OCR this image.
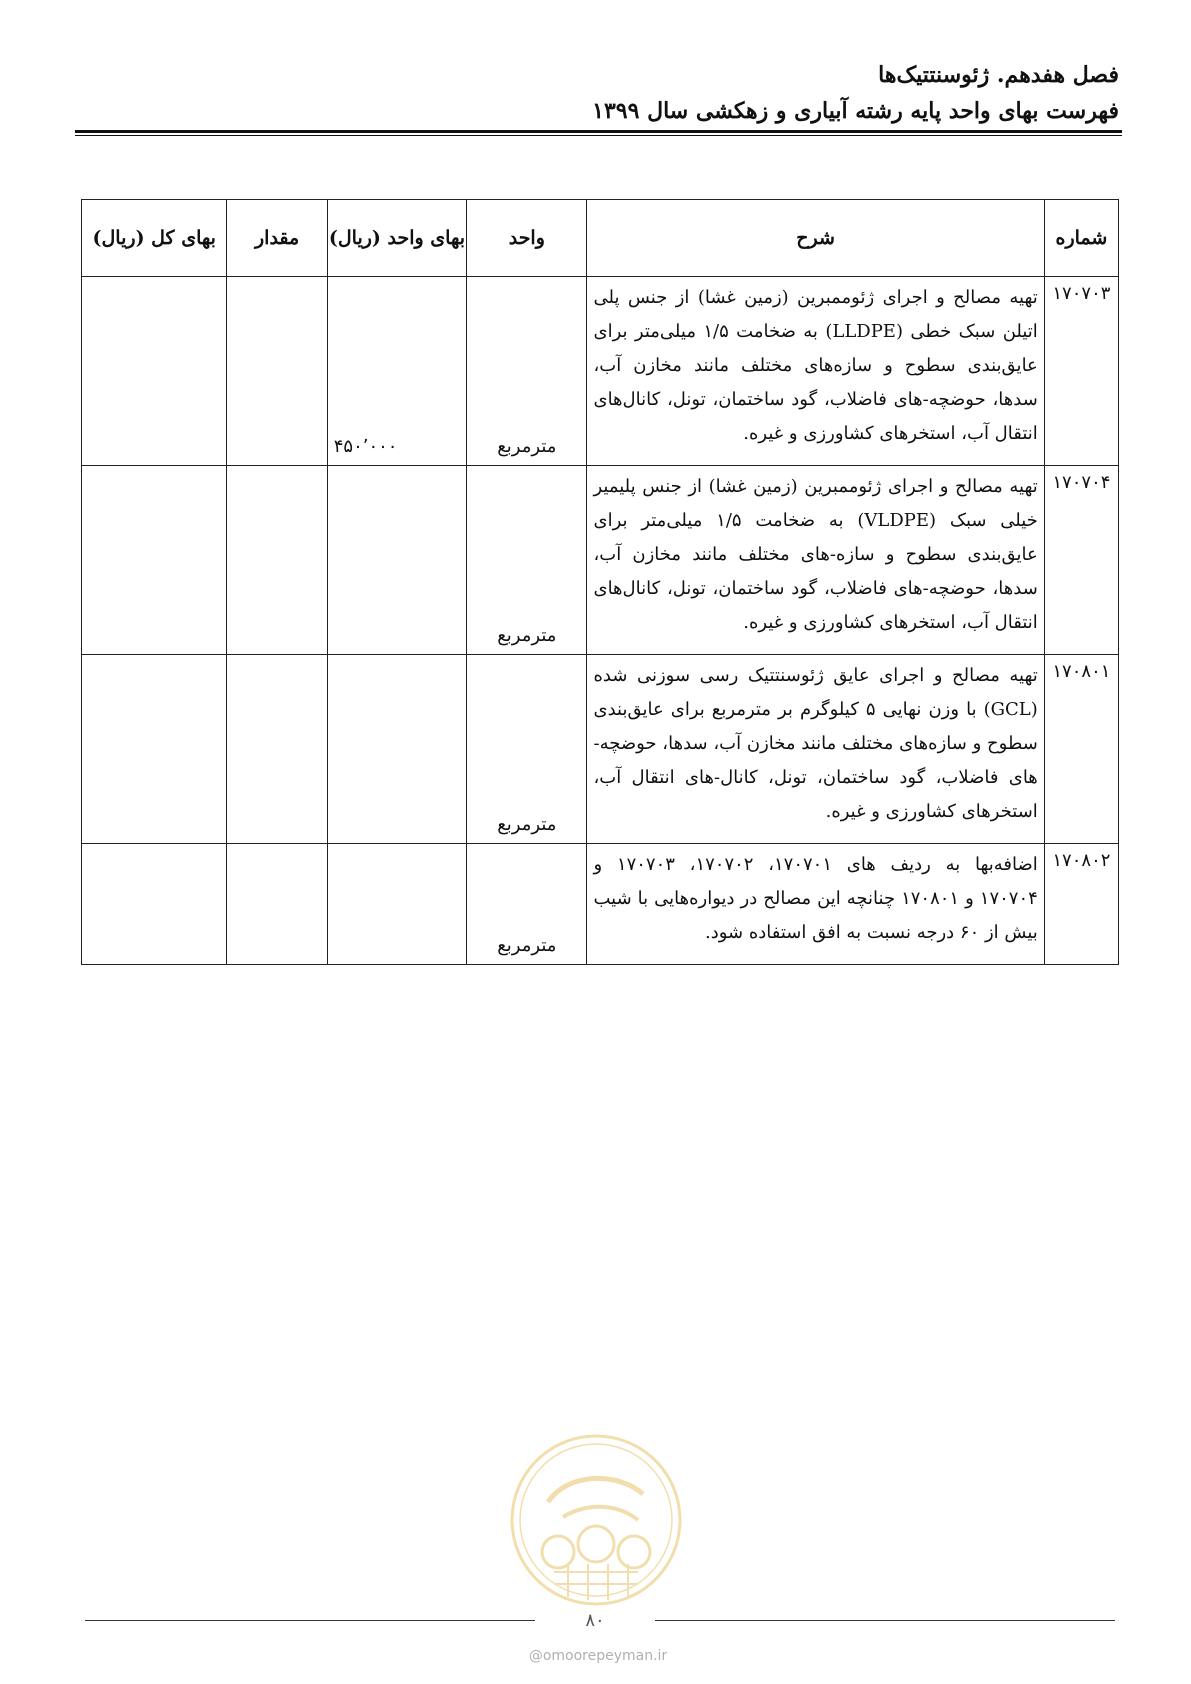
فصل هفدهم. ژئوسنتتیک‌ها
فهرست بهای واحد پایه رشته آبیاری و زهکشی سال ۱۳۹۹
شماره	شرح	واحد	بهای واحد (ریال)	مقدار	بهای کل (ریال)
۱۷۰۷۰۳	تهیه مصالح و اجرای ژئوممبرین (زمین غشا) از جنس پلی اتیلن سبک خطی (LLDPE) به ضخامت ۱/۵ میلی‌متر برای عایق‌بندی سطوح و سازه‌های مختلف مانند مخازن آب، سدها، حوضچه‌-های فاضلاب، گود ساختمان، تونل، کانال‌های انتقال آب، استخرهای کشاورزی و غیره.	مترمربع	۴۵۰٬۰۰۰		
۱۷۰۷۰۴	تهیه مصالح و اجرای ژئوممبرین (زمین غشا) از جنس پلیمیر خیلی سبک (VLDPE) به ضخامت ۱/۵ میلی‌متر برای عایق‌بندی سطوح و سازه-های مختلف مانند مخازن آب، سدها، حوضچه‌-های فاضلاب، گود ساختمان، تونل، کانال‌های انتقال آب، استخرهای کشاورزی و غیره.	مترمربع			
۱۷۰۸۰۱	تهیه مصالح و اجرای عایق ژئوسنتتیک رسی سوزنی شده (GCL) با وزن نهایی ۵ کیلوگرم بر مترمربع برای عایق‌بندی سطوح و سازه‌های مختلف مانند مخازن آب، سدها، حوضچه‌-های فاضلاب، گود ساختمان، تونل، کانال‌-های انتقال آب، استخرهای کشاورزی و غیره.	مترمربع			
۱۷۰۸۰۲	اضافه‌بها به ردیف های ۱۷۰۷۰۱، ۱۷۰۷۰۲، ۱۷۰۷۰۳ و ۱۷۰۷۰۴ و ۱۷۰۸۰۱ چنانچه این مصالح در دیواره‌هایی با شیب بیش از ۶۰ درجه نسبت به افق استفاده شود.	مترمربع			
۸۰
@omoorepeyman.ir
